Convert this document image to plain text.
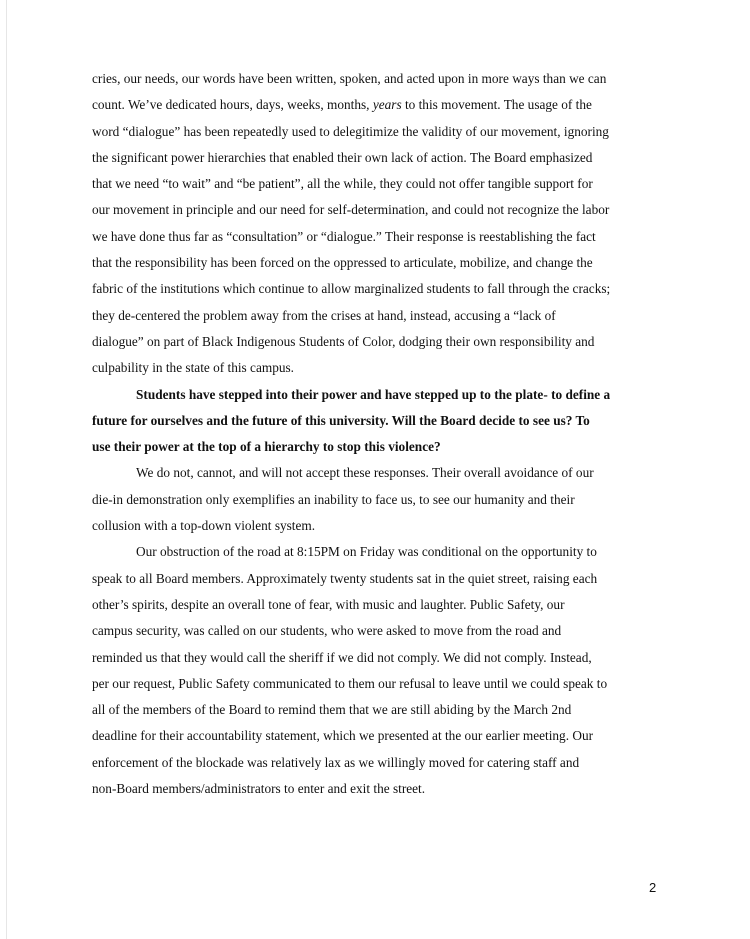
cries, our needs, our words have been written, spoken, and acted upon in more ways than we can
count. We’ve dedicated hours, days, weeks, months, years to this movement. The usage of the
word “dialogue” has been repeatedly used to delegitimize the validity of our movement, ignoring
the significant power hierarchies that enabled their own lack of action. The Board emphasized
that we need “to wait” and “be patient”, all the while, they could not offer tangible support for
our movement in principle and our need for self-determination, and could not recognize the labor
we have done thus far as “consultation” or “dialogue.” Their response is reestablishing the fact
that the responsibility has been forced on the oppressed to articulate, mobilize, and change the
fabric of the institutions which continue to allow marginalized students to fall through the cracks;
they de-centered the problem away from the crises at hand, instead, accusing a “lack of
dialogue” on part of Black Indigenous Students of Color, dodging their own responsibility and
culpability in the state of this campus.
Students have stepped into their power and have stepped up to the plate- to define a
future for ourselves and the future of this university. Will the Board decide to see us? To
use their power at the top of a hierarchy to stop this violence?
We do not, cannot, and will not accept these responses. Their overall avoidance of our
die-in demonstration only exemplifies an inability to face us, to see our humanity and their
collusion with a top-down violent system.
Our obstruction of the road at 8:15PM on Friday was conditional on the opportunity to
speak to all Board members. Approximately twenty students sat in the quiet street, raising each
other’s spirits, despite an overall tone of fear, with music and laughter. Public Safety, our
campus security, was called on our students, who were asked to move from the road and
reminded us that they would call the sheriff if we did not comply. We did not comply. Instead,
per our request, Public Safety communicated to them our refusal to leave until we could speak to
all of the members of the Board to remind them that we are still abiding by the March 2nd
deadline for their accountability statement, which we presented at the our earlier meeting. Our
enforcement of the blockade was relatively lax as we willingly moved for catering staff and
non-Board members/administrators to enter and exit the street.
2
